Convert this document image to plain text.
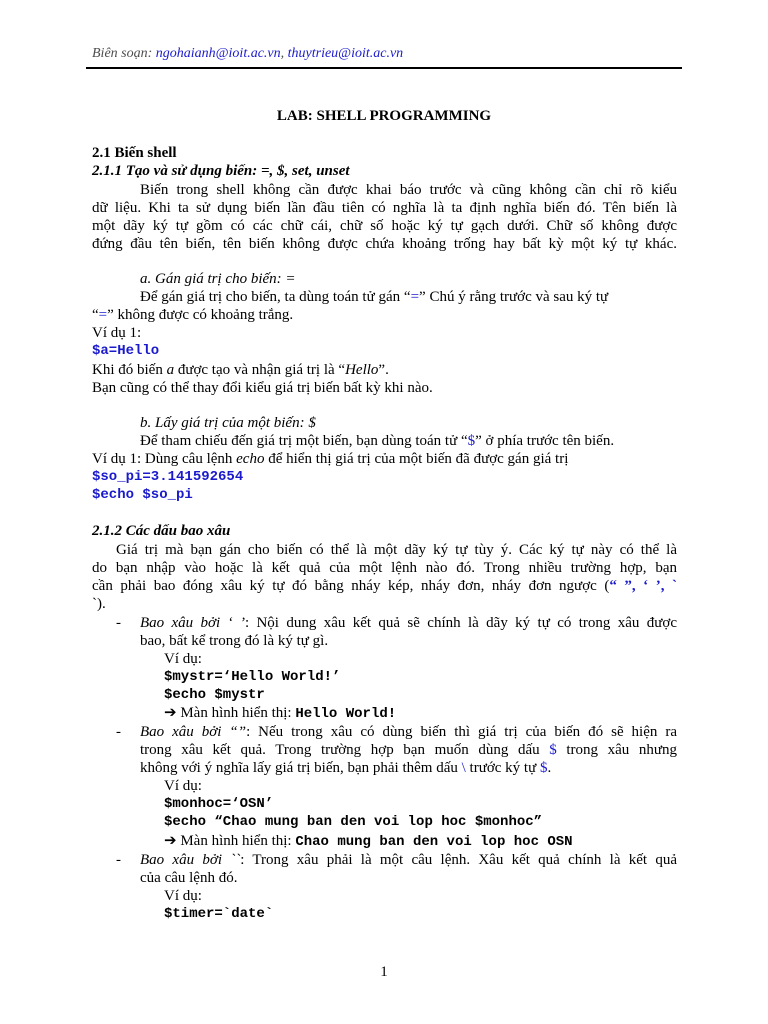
Biên soạn: ngohaianh@ioit.ac.vn, thuytrieu@ioit.ac.vn
LAB: SHELL PROGRAMMING
2.1 Biến shell
2.1.1 Tạo và sử dụng biến: =, $, set, unset
Biến trong shell không cần được khai báo trước và cũng không cần chỉ rõ kiểu
dữ liệu. Khi ta sử dụng biến lần đầu tiên có nghĩa là ta định nghĩa biến đó. Tên biến là
một dãy ký tự gồm có các chữ cái, chữ số hoặc ký tự gạch dưới. Chữ số không được
đứng đầu tên biến, tên biến không được chứa khoảng trống hay bất kỳ một ký tự khác.
a. Gán giá trị cho biến: =
Để gán giá trị cho biến, ta dùng toán tử gán “=” Chú ý rằng trước và sau ký tự
“=” không được có khoảng trắng.
Ví dụ 1:
$a=Hello
Khi đó biến a được tạo và nhận giá trị là “Hello”.
Bạn cũng có thể thay đổi kiểu giá trị biến bất kỳ khi nào.
b. Lấy giá trị của một biến: $
Để tham chiếu đến giá trị một biến, bạn dùng toán tử “$” ở phía trước tên biến.
Ví dụ 1: Dùng câu lệnh echo để hiển thị giá trị của một biến đã được gán giá trị
$so_pi=3.141592654
$echo $so_pi
2.1.2 Các dấu bao xâu
Giá trị mà bạn gán cho biến có thể là một dãy ký tự tùy ý. Các ký tự này có thể là
do bạn nhập vào hoặc là kết quả của một lệnh nào đó. Trong nhiều trường hợp, bạn
cần phải bao đóng xâu ký tự đó bằng nháy kép, nháy đơn, nháy đơn ngược (“ ”, ‘ ’, `
`).
- Bao xâu bởi ‘ ’: Nội dung xâu kết quả sẽ chính là dãy ký tự có trong xâu được
bao, bất kể trong đó là ký tự gì.
Ví dụ:
$mystr=‘Hello World!’
$echo $mystr
➔ Màn hình hiển thị: Hello World!
- Bao xâu bởi “”: Nếu trong xâu có dùng biến thì giá trị của biến đó sẽ hiện ra
trong xâu kết quả. Trong trường hợp bạn muốn dùng dấu $ trong xâu nhưng
không với ý nghĩa lấy giá trị biến, bạn phải thêm dấu \ trước ký tự $.
Ví dụ:
$monhoc=‘OSN’
$echo “Chao mung ban den voi lop hoc $monhoc”
➔ Màn hình hiển thị: Chao mung ban den voi lop hoc OSN
- Bao xâu bởi ``: Trong xâu phải là một câu lệnh. Xâu kết quả chính là kết quả
của câu lệnh đó.
Ví dụ:
$timer=`date`
1
